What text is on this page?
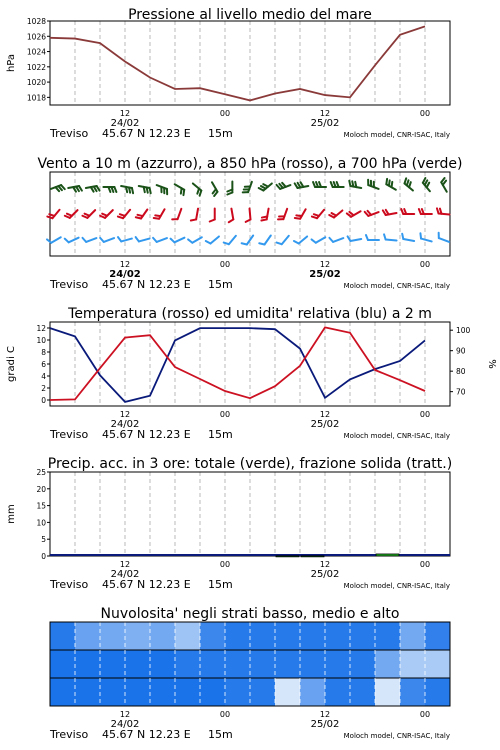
Pressione al livello medio del mare
hPa
1018
1020
1022
1024
1026
1028
12	00	12	00
24/02	25/02
Treviso 45.67 N 12.23 E 15m	Moloch model, CNR-ISAC, Italy
Vento a 10 m (azzurro), a 850 hPa (rosso), a 700 hPa (verde)
12	00	12	00
24/02	25/02
Treviso 45.67 N 12.23 E 15m	Moloch model, CNR-ISAC, Italy
Temperatura (rosso) ed umidita' relativa (blu) a 2 m
gradi C	%
0
2
4
6
8
10
12
70
80
90
100
12	00	12	00
24/02	25/02
Treviso 45.67 N 12.23 E 15m	Moloch model, CNR-ISAC, Italy
Precip. acc. in 3 ore: totale (verde), frazione solida (tratt.)
mm
0
5
10
15
20
25
12	00	12	00
24/02	25/02
Treviso 45.67 N 12.23 E 15m	Moloch model, CNR-ISAC, Italy
Nuvolosita' negli strati basso, medio e alto
12	00	12	00
24/02	25/02
Treviso 45.67 N 12.23 E 15m	Moloch model, CNR-ISAC, Italy
